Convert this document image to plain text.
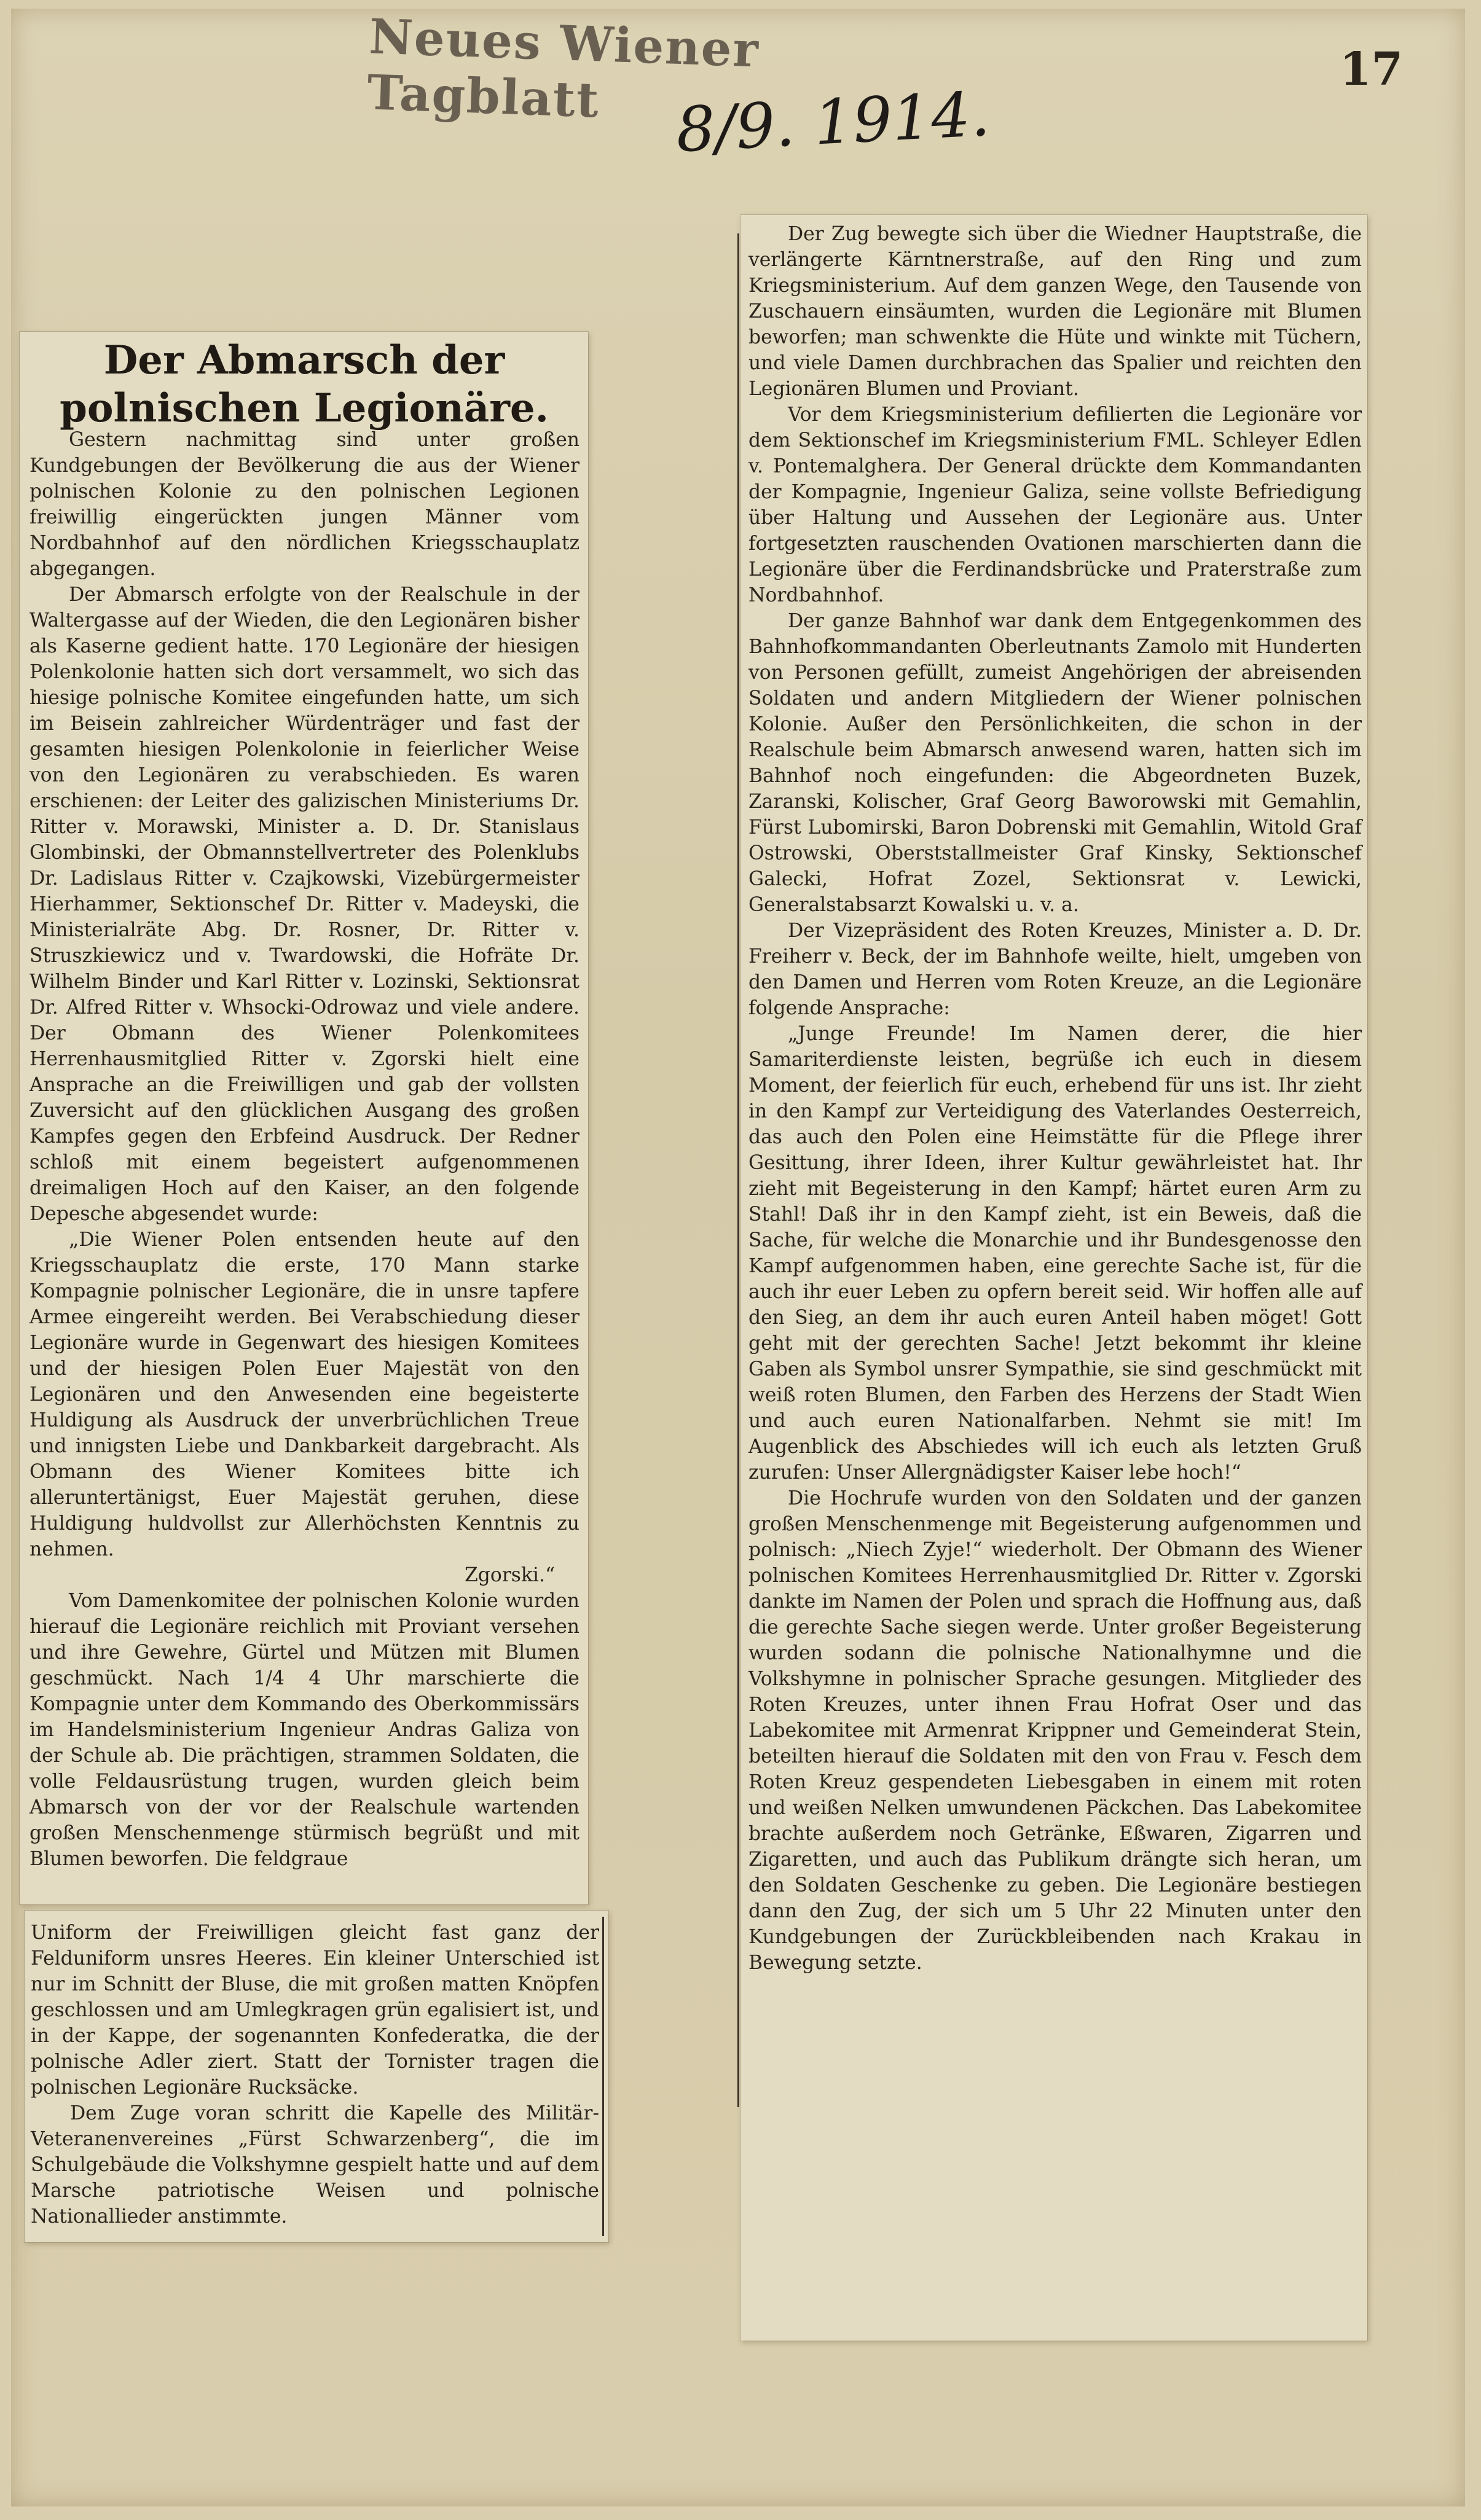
Neues Wiener Tagblatt	17
8/9. 1914.
Der Abmarsch der polnischen Legionäre.

Gestern nachmittag sind unter großen Kundgebungen der Bevölkerung die aus der Wiener polnischen Kolonie zu den polnischen Legionen freiwillig eingerückten jungen Männer vom Nordbahnhof auf den nördlichen Kriegsschauplatz abgegangen.

Der Abmarsch erfolgte von der Realschule in der Waltergasse auf der Wieden, die den Legionären bisher als Kaserne gedient hatte. 170 Legionäre der hiesigen Polenkolonie hatten sich dort versammelt, wo sich das hiesige polnische Komitee eingefunden hatte, um sich im Beisein zahlreicher Würdenträger und fast der gesamten hiesigen Polenkolonie in feierlicher Weise von den Legionären zu verabschieden. Es waren erschienen: der Leiter des galizischen Ministeriums Dr. Ritter v. Morawski, Minister a. D. Dr. Stanislaus Glombinski, der Obmannstellvertreter des Polenklubs Dr. Ladislaus Ritter v. Czajkowski, Vizebürgermeister Hierhammer, Sektionschef Dr. Ritter v. Madeyski, die Ministerialräte Abg. Dr. Rosner, Dr. Ritter v. Struszkiewicz und v. Twardowski, die Hofräte Dr. Wilhelm Binder und Karl Ritter v. Lozinski, Sektionsrat Dr. Alfred Ritter v. Whsocki-Odrowaz und viele andere. Der Obmann des Wiener Polenkomitees Herrenhausmitglied Ritter v. Zgorski hielt eine Ansprache an die Freiwilligen und gab der vollsten Zuversicht auf den glücklichen Ausgang des großen Kampfes gegen den Erbfeind Ausdruck. Der Redner schloß mit einem begeistert aufgenommenen dreimaligen Hoch auf den Kaiser, an den folgende Depesche abgesendet wurde:

„Die Wiener Polen entsenden heute auf den Kriegsschauplatz die erste, 170 Mann starke Kompagnie polnischer Legionäre, die in unsre tapfere Armee eingereiht werden. Bei Verabschiedung dieser Legionäre wurde in Gegenwart des hiesigen Komitees und der hiesigen Polen Euer Majestät von den Legionären und den Anwesenden eine begeisterte Huldigung als Ausdruck der unverbrüchlichen Treue und innigsten Liebe und Dankbarkeit dargebracht. Als Obmann des Wiener Komitees bitte ich alleruntertänigst, Euer Majestät geruhen, diese Huldigung huldvollst zur Allerhöchsten Kenntnis zu nehmen.

Zgorski.“

Vom Damenkomitee der polnischen Kolonie wurden hierauf die Legionäre reichlich mit Proviant versehen und ihre Gewehre, Gürtel und Mützen mit Blumen geschmückt. Nach 1/4 4 Uhr marschierte die Kompagnie unter dem Kommando des Oberkommissärs im Handelsministerium Ingenieur Andras Galiza von der Schule ab. Die prächtigen, strammen Soldaten, die volle Feldausrüstung trugen, wurden gleich beim Abmarsch von der vor der Realschule wartenden großen Menschenmenge stürmisch begrüßt und mit Blumen beworfen. Die feldgraue

Uniform der Freiwilligen gleicht fast ganz der Felduniform unsres Heeres. Ein kleiner Unterschied ist nur im Schnitt der Bluse, die mit großen matten Knöpfen geschlossen und am Umlegkragen grün egalisiert ist, und in der Kappe, der sogenannten Konfederatka, die der polnische Adler ziert. Statt der Tornister tragen die polnischen Legionäre Rucksäcke.

Dem Zuge voran schritt die Kapelle des Militär-Veteranenvereines „Fürst Schwarzenberg“, die im Schulgebäude die Volkshymne gespielt hatte und auf dem Marsche patriotische Weisen und polnische Nationallieder anstimmte.

Der Zug bewegte sich über die Wiedner Hauptstraße, die verlängerte Kärntnerstraße, auf den Ring und zum Kriegsministerium. Auf dem ganzen Wege, den Tausende von Zuschauern einsäumten, wurden die Legionäre mit Blumen beworfen; man schwenkte die Hüte und winkte mit Tüchern, und viele Damen durchbrachen das Spalier und reichten den Legionären Blumen und Proviant.

Vor dem Kriegsministerium defilierten die Legionäre vor dem Sektionschef im Kriegsministerium FML. Schleyer Edlen v. Pontemalghera. Der General drückte dem Kommandanten der Kompagnie, Ingenieur Galiza, seine vollste Befriedigung über Haltung und Aussehen der Legionäre aus. Unter fortgesetzten rauschenden Ovationen marschierten dann die Legionäre über die Ferdinandsbrücke und Praterstraße zum Nordbahnhof.

Der ganze Bahnhof war dank dem Entgegenkommen des Bahnhofkommandanten Oberleutnants Zamolo mit Hunderten von Personen gefüllt, zumeist Angehörigen der abreisenden Soldaten und andern Mitgliedern der Wiener polnischen Kolonie. Außer den Persönlichkeiten, die schon in der Realschule beim Abmarsch anwesend waren, hatten sich im Bahnhof noch eingefunden: die Abgeordneten Buzek, Zaranski, Kolischer, Graf Georg Baworowski mit Gemahlin, Fürst Lubomirski, Baron Dobrenski mit Gemahlin, Witold Graf Ostrowski, Oberststallmeister Graf Kinsky, Sektionschef Galecki, Hofrat Zozel, Sektionsrat v. Lewicki, Generalstabsarzt Kowalski u. v. a.

Der Vizepräsident des Roten Kreuzes, Minister a. D. Dr. Freiherr v. Beck, der im Bahnhofe weilte, hielt, umgeben von den Damen und Herren vom Roten Kreuze, an die Legionäre folgende Ansprache:

„Junge Freunde! Im Namen derer, die hier Samariterdienste leisten, begrüße ich euch in diesem Moment, der feierlich für euch, erhebend für uns ist. Ihr zieht in den Kampf zur Verteidigung des Vaterlandes Oesterreich, das auch den Polen eine Heimstätte für die Pflege ihrer Gesittung, ihrer Ideen, ihrer Kultur gewährleistet hat. Ihr zieht mit Begeisterung in den Kampf; härtet euren Arm zu Stahl! Daß ihr in den Kampf zieht, ist ein Beweis, daß die Sache, für welche die Monarchie und ihr Bundesgenosse den Kampf aufgenommen haben, eine gerechte Sache ist, für die auch ihr euer Leben zu opfern bereit seid. Wir hoffen alle auf den Sieg, an dem ihr auch euren Anteil haben möget! Gott geht mit der gerechten Sache! Jetzt bekommt ihr kleine Gaben als Symbol unsrer Sympathie, sie sind geschmückt mit weiß roten Blumen, den Farben des Herzens der Stadt Wien und auch euren Nationalfarben. Nehmt sie mit! Im Augenblick des Abschiedes will ich euch als letzten Gruß zurufen: Unser Allergnädigster Kaiser lebe hoch!“

Die Hochrufe wurden von den Soldaten und der ganzen großen Menschenmenge mit Begeisterung aufgenommen und polnisch: „Niech Zyje!“ wiederholt. Der Obmann des Wiener polnischen Komitees Herrenhausmitglied Dr. Ritter v. Zgorski dankte im Namen der Polen und sprach die Hoffnung aus, daß die gerechte Sache siegen werde. Unter großer Begeisterung wurden sodann die polnische Nationalhymne und die Volkshymne in polnischer Sprache gesungen. Mitglieder des Roten Kreuzes, unter ihnen Frau Hofrat Oser und das Labekomitee mit Armenrat Krippner und Gemeinderat Stein, beteilten hierauf die Soldaten mit den von Frau v. Fesch dem Roten Kreuz gespendeten Liebesgaben in einem mit roten und weißen Nelken umwundenen Päckchen. Das Labekomitee brachte außerdem noch Getränke, Eßwaren, Zigarren und Zigaretten, und auch das Publikum drängte sich heran, um den Soldaten Geschenke zu geben. Die Legionäre bestiegen dann den Zug, der sich um 5 Uhr 22 Minuten unter den Kundgebungen der Zurückbleibenden nach Krakau in Bewegung setzte.
